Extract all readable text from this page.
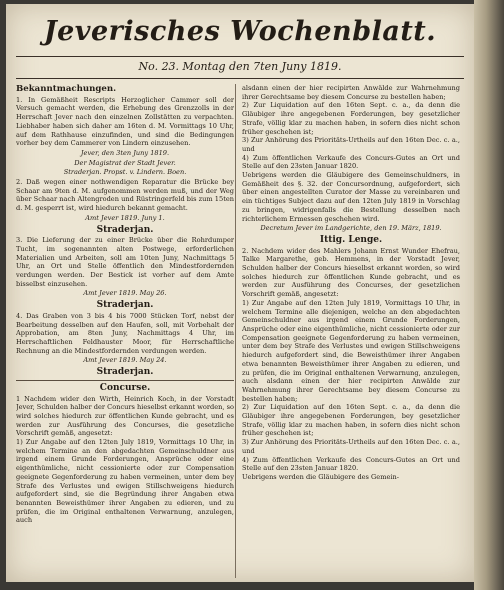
Jeverisches Wochenblatt.
No. 23. Montag den 7ten Juny 1819.
Bekanntmachungen.

1. In Gemäßheit Rescripts Herzoglicher Cammer soll der Versuch gemacht werden, die Erhebung des Grenzzolls in der Herrschaft Jever nach den einzelnen Zollstätten zu verpachten. Liebhaber haben sich daher am 16ten d. M. Vormittags 10 Uhr, auf dem Rathhause einzufinden, und sind die Bedingungen vorher bey dem Cammerer von Lindern einzusehen.

Jever, den 3ten Juny 1819.
Der Magistrat der Stadt Jever.
Straderjan. Propst. v. Lindern. Boen.

2. Daß wegen einer nothwendigen Reparatur die Brücke bey Schaar am 9ten d. M. aufgenommen werden muß, und der Weg über Schaar nach Altengroden und Rüstringerfeld bis zum 15ten d. M. gesperrt ist, wird hiedurch bekannt gemacht.

Amt Jever 1819. Juny 1.
Straderjan.

3. Die Lieferung der zu einer Brücke über die Rohrdumper Tucht, im sogenannten alten Postwege, erforderlichen Materialien und Arbeiten, soll am 10ten Juny, Nachmittags 5 Uhr, an Ort und Stelle öffentlich den Mindestfordernden verdungen werden. Der Bestick ist vorher auf dem Amte bisselbst einzusehen.

Amt Jever 1819. May 26.
Straderjan.

4. Das Graben von 3 bis 4 bis 7000 Stücken Torf, nebst der Bearbeitung desselben auf den Haufen, soll, mit Vorbehalt der Approbation, am 8ten Juny, Nachmittags 4 Uhr, im Herrschaftlichen Feldhauster Moor, für Herrschaftliche Rechnung an die Mindestfordernden verdungen werden.

Amt Jever 1819. May 24.
Straderjan.
Concurse.

1 Nachdem wider den Wirth, Heinrich Koch, in der Vorstadt Jever, Schulden halber der Concurs hieselbst erkannt worden, so wird solches hiedurch zur öffentlichen Kunde gebracht, und es werden zur Ausführung des Concurses, die gesetzliche Vorschrift gemäß, angesetzt:

1) Zur Angabe auf den 12ten July 1819, Vormittags 10 Uhr, in welchem Termine an den abgedachten Gemeinschuldner aus irgend einem Grunde Forderungen, Ansprüche oder eine eigenthümliche, nicht cessionierte oder zur Compensation geeignete Gegenforderung zu haben vermeinen, unter dem bey Strafe des Verlustes und ewigen Stillschweigens hiedurch aufgefordert sind, sie die Begründung ihrer Angaben etwa benannten Beweisthümer ihrer Angaben zu edieren, und zu prüfen, die im Original enthaltenen Verwarnung, anzulegen, auch

alsdann einen der hier recipirten Anwälde zur Wahrnehmung ihrer Gerechtsame bey diesem Concurse zu bestellen haben;

2) Zur Liquidation auf den 16ten Sept. c. a., da denn die Gläubiger ihre angegebenen Forderungen, bey gesetzlicher Strafe, völlig klar zu machen haben, in sofern dies nicht schon früher geschehen ist;

3) Zur Anhörung des Prioritäts-Urtheils auf den 16ten Dec. c. a., und

4) Zum öffentlichen Verkaufe des Concurs-Gutes an Ort und Stelle auf den 23sten Januar 1820.

Uebrigens werden die Gläubigere des Gemeinschuldners, in Gemäßheit des §. 32. der Concursordnung, aufgefordert, sich über einen angestellten Curator der Masse zu vereinbaren und ein tüchtiges Subject dazu auf den 12ten July 1819 in Vorschlag zu bringen, widrigenfalls die Bestellung desselben nach richterlichem Ermessen geschehen wird.

Decretum Jever im Landgerichte, den 19. März, 1819.
Ittig. Lenge.

2. Nachdem wider des Mahlers Johann Ernst Wunder Ehefrau, Talke Margarethe, geb. Hemmens, in der Vorstadt Jever, Schulden halber der Concurs hieselbst erkannt worden, so wird solches hiedurch zur öffentlichen Kunde gebracht, und es werden zur Ausführung des Concurses, der gesetzlichen Vorschrift gemäß, angesetzt:

1) Zur Angabe auf den 12ten July 1819, Vormittags 10 Uhr, in welchem Termine alle diejenigen, welche an den abgedachten Gemeinschuldner aus irgend einem Grunde Forderungen, Ansprüche oder eine eigenthümliche, nicht cessionierte oder zur Compensation geeignete Gegenforderung zu haben vermeinen, unter dem bey Strafe des Verlustes und ewigen Stillschweigens hiedurch aufgefordert sind, die Beweisthümer ihrer Angaben etwa benannten Beweisthümer ihrer Angaben zu edieren, und zu prüfen, die im Original enthaltenen Verwarnung, anzulegen, auch alsdann einen der hier recipirten Anwälde zur Wahrnehmung ihrer Gerechtsame bey diesem Concurse zu bestellen haben;

2) Zur Liquidation auf den 16ten Sept. c. a., da denn die Gläubiger ihre angegebenen Forderungen, bey gesetzlicher Strafe, völlig klar zu machen haben, in sofern dies nicht schon früher geschehen ist;

3) Zur Anhörung des Prioritäts-Urtheils auf den 16ten Dec. c. a., und

4) Zum öffentlichen Verkaufe des Concurs-Gutes an Ort und Stelle auf den 23sten Januar 1820.

Uebrigens werden die Gläubigere des Gemein-
